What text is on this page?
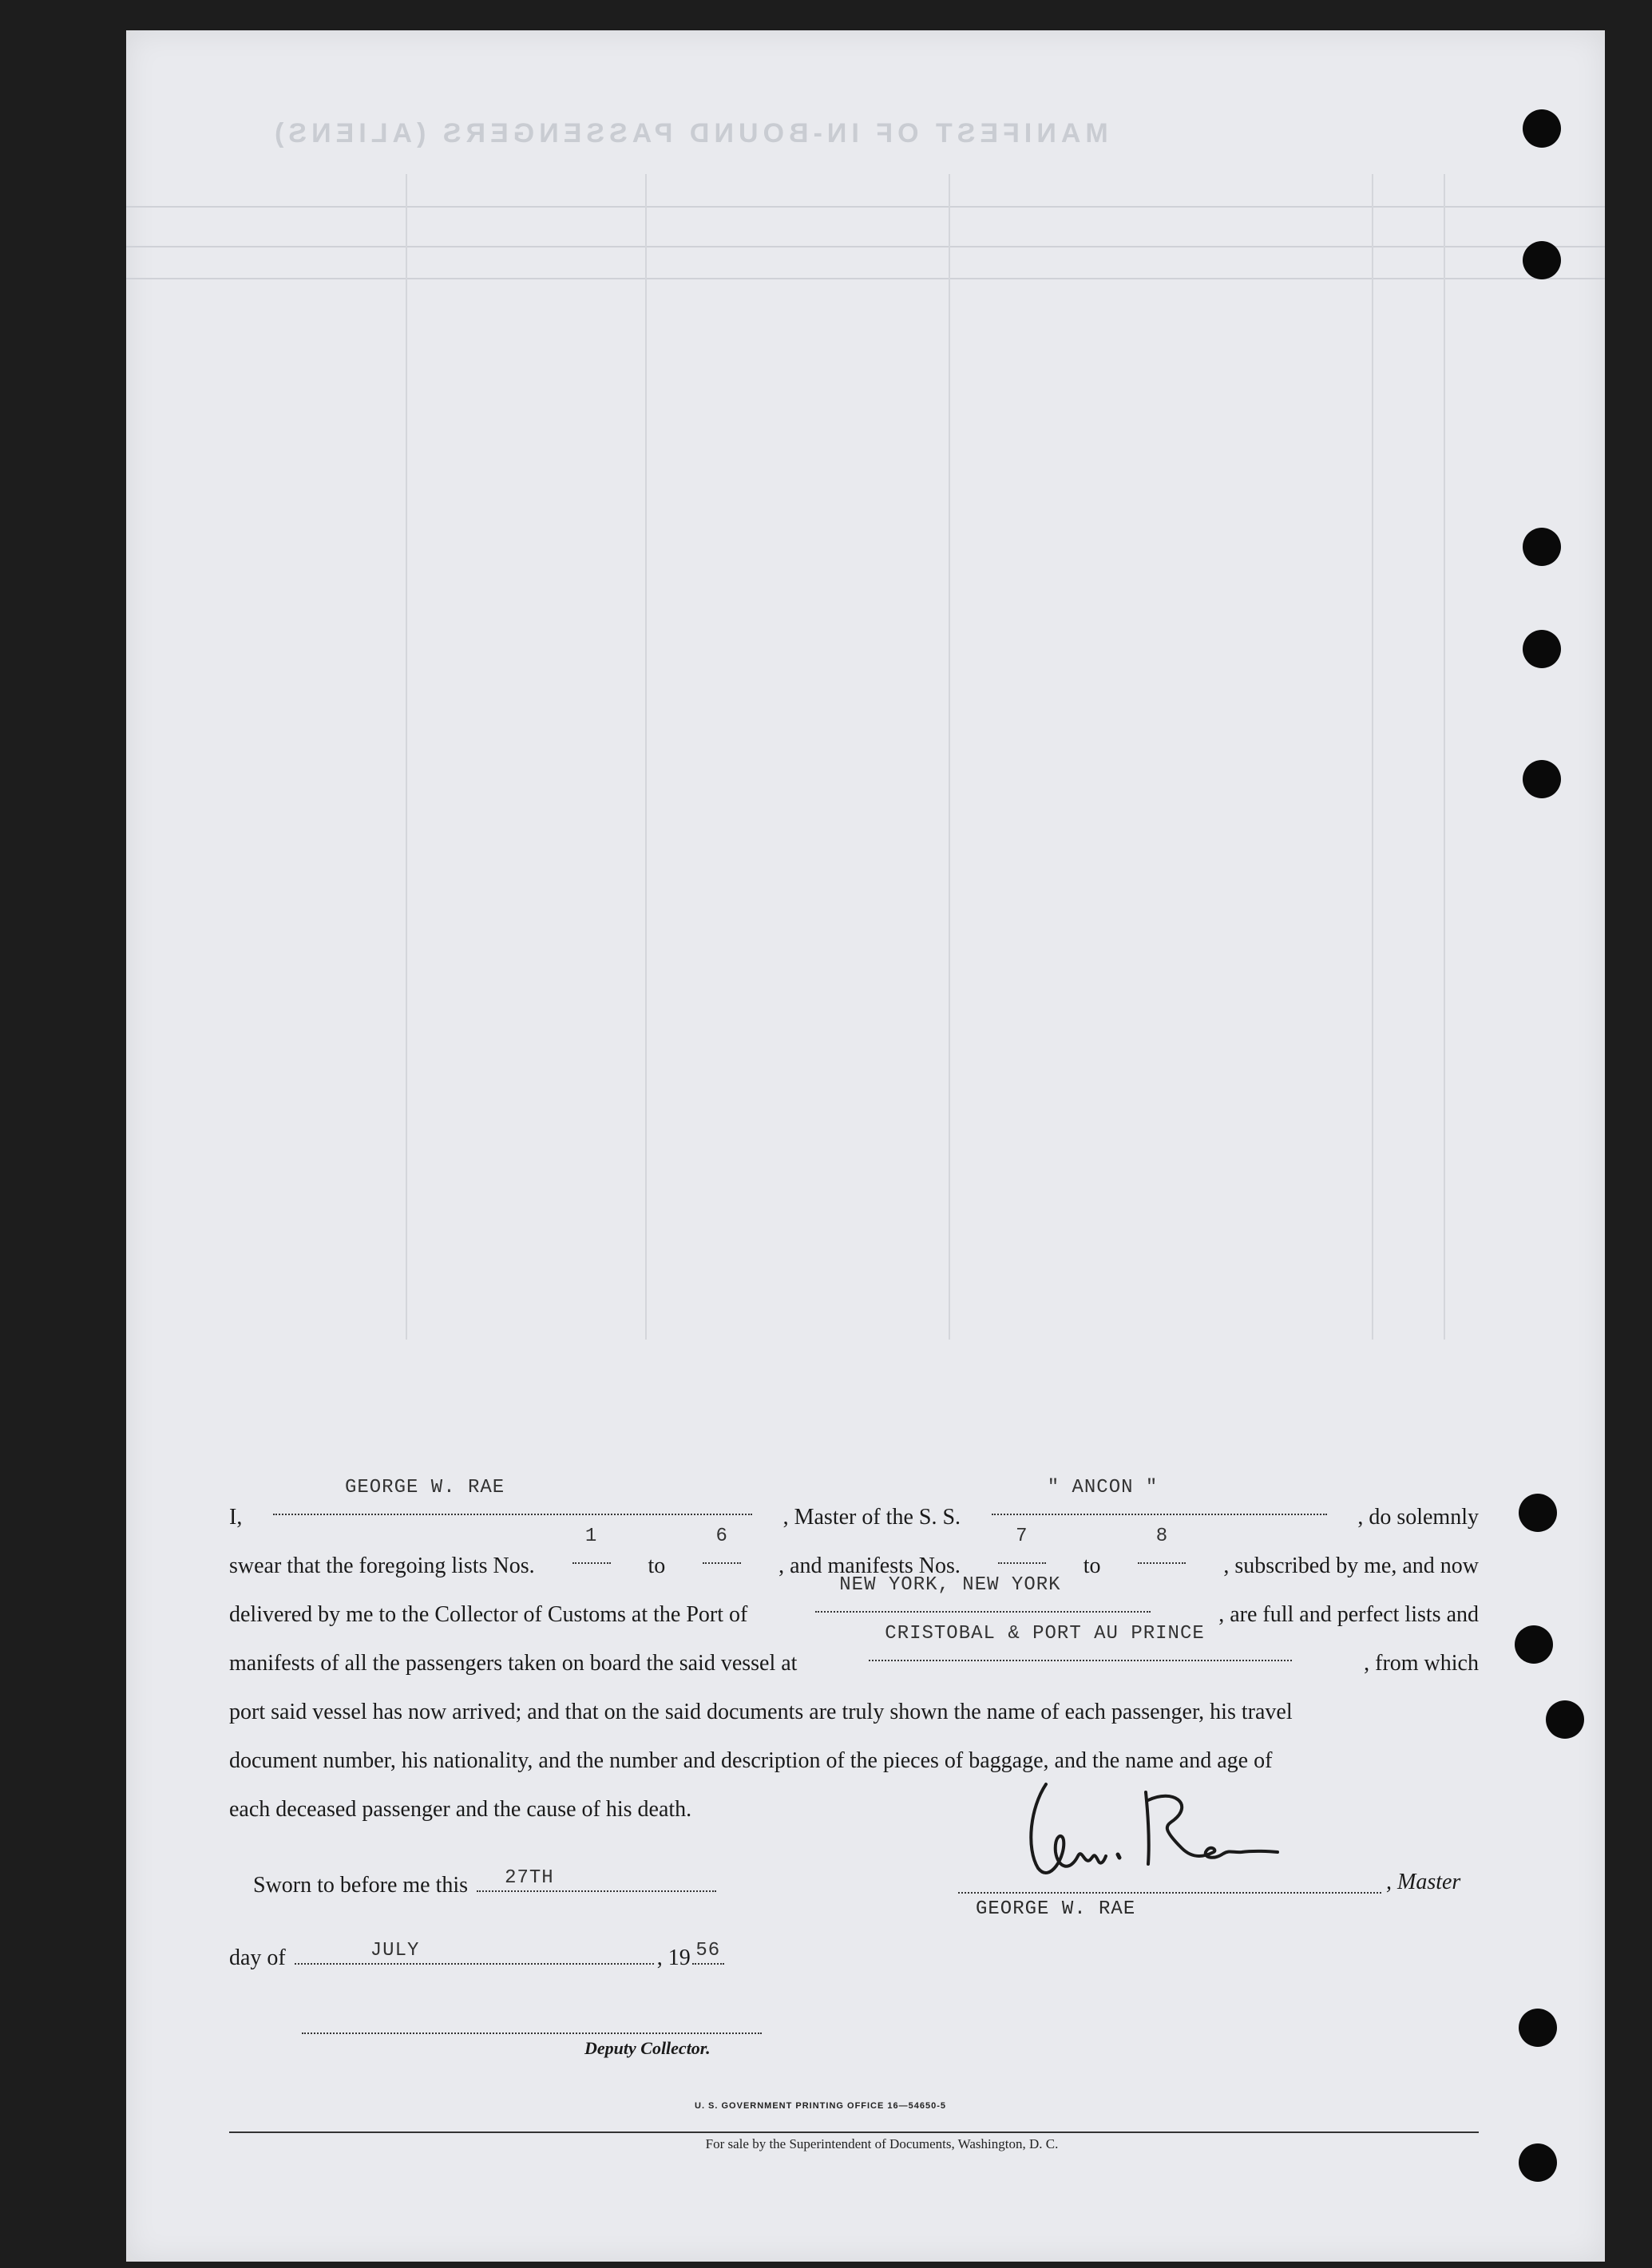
MANIFEST OF IN-BOUND PASSENGERS (ALIENS)
I,
GEORGE W. RAE
, Master of the S. S.
" ANCON "
, do solemnly
swear that the foregoing lists Nos.
1
to
6
, and manifests Nos.
7
to
8
, subscribed by me, and now
delivered by me to the Collector of Customs at the Port of
NEW YORK, NEW YORK
, are full and perfect lists and
manifests of all the passengers taken on board the said vessel at
CRISTOBAL & PORT AU PRINCE
, from which
port said vessel has now arrived; and that on the said documents are truly shown the name of each passenger, his travel
document number, his nationality, and the number and description of the pieces of baggage, and the name and age of
each deceased passenger and the cause of his death.
Sworn to before me this	27TH
day of	JULY	, 19 56
Deputy Collector.
, Master
GEORGE W. RAE
U. S. GOVERNMENT PRINTING OFFICE 16—54650-5
For sale by the Superintendent of Documents, Washington, D. C.
